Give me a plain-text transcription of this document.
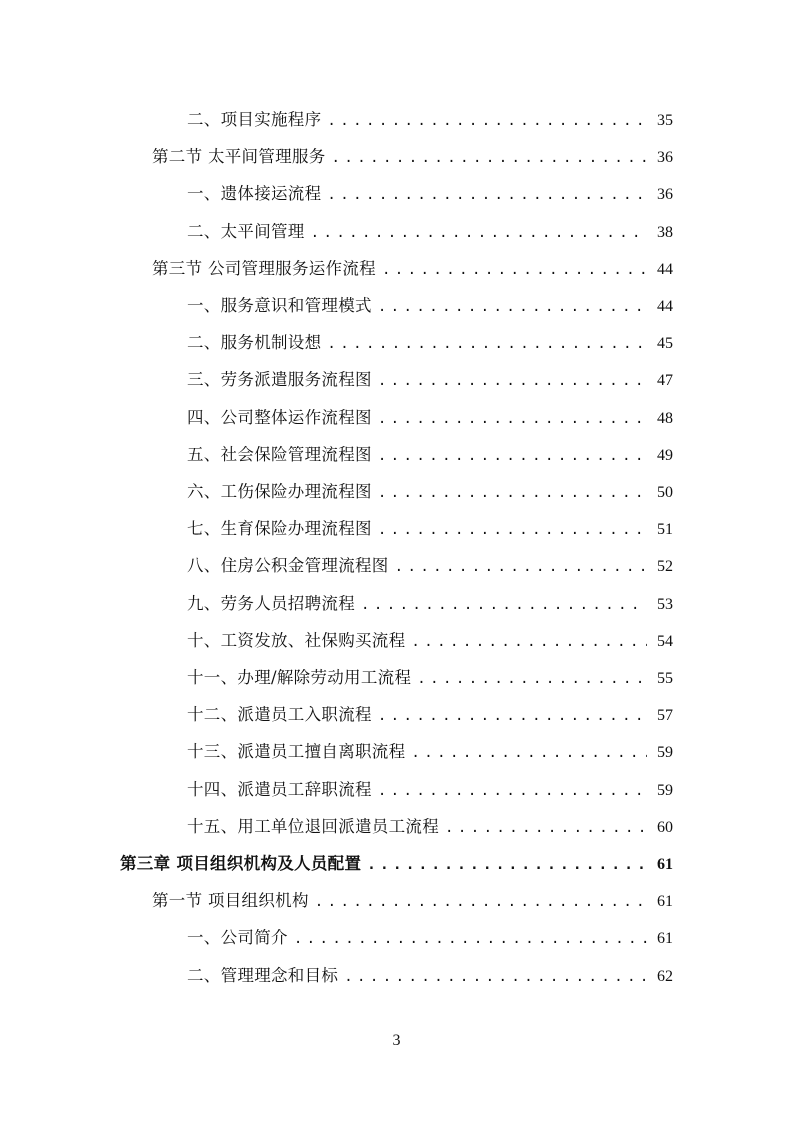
二、项目实施程序 . . .	35
第二节 太平间管理服务 . . .	36
一、遗体接运流程 . . .	36
二、太平间管理 . . .	38
第三节 公司管理服务运作流程 . . .	44
一、服务意识和管理模式 . . .	44
二、服务机制设想 . . .	45
三、劳务派遣服务流程图 . . .	47
四、公司整体运作流程图 . . .	48
五、社会保险管理流程图 . . .	49
六、工伤保险办理流程图 . . .	50
七、生育保险办理流程图 . . .	51
八、住房公积金管理流程图 . . .	52
九、劳务人员招聘流程 . . .	53
十、工资发放、社保购买流程 . . .	54
十一、办理/解除劳动用工流程 . . .	55
十二、派遣员工入职流程 . . .	57
十三、派遣员工擅自离职流程 . . .	59
十四、派遣员工辞职流程 . . .	59
十五、用工单位退回派遣员工流程 . . .	60
第三章 项目组织机构及人员配置 . . .	61
第一节 项目组织机构 . . .	61
一、公司简介 . . .	61
二、管理理念和目标 . . .	62
3
